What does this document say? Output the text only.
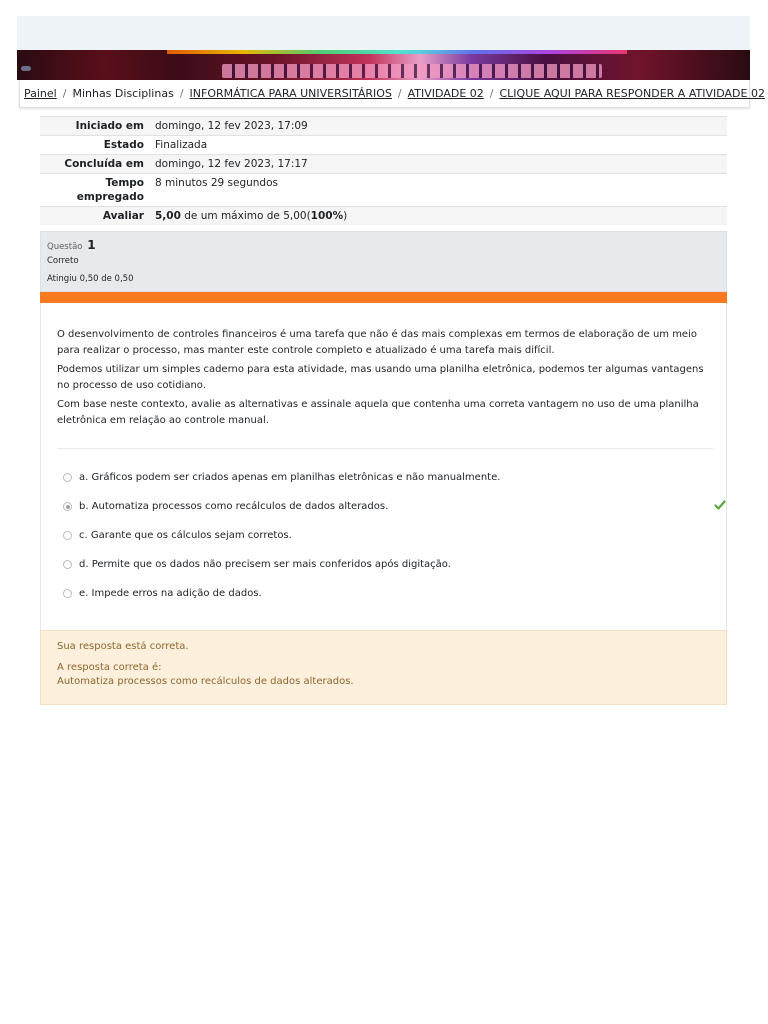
Painel / Minhas Disciplinas / INFORMÁTICA PARA UNIVERSITÁRIOS / ATIVIDADE 02 / CLIQUE AQUI PARA RESPONDER A ATIVIDADE 02
Iniciado em	domingo, 12 fev 2023, 17:09
Estado	Finalizada
Concluída em	domingo, 12 fev 2023, 17:17
Tempo empregado	8 minutos 29 segundos
Avaliar	5,00 de um máximo de 5,00(100%)
Questão 1
Correto
Atingiu 0,50 de 0,50

O desenvolvimento de controles financeiros é uma tarefa que não é das mais complexas em termos de elaboração de um meio para realizar o processo, mas manter este controle completo e atualizado é uma tarefa mais difícil.

Podemos utilizar um simples caderno para esta atividade, mas usando uma planilha eletrônica, podemos ter algumas vantagens no processo de uso cotidiano.

Com base neste contexto, avalie as alternativas e assinale aquela que contenha uma correta vantagem no uso de uma planilha eletrônica em relação ao controle manual.

a. Gráficos podem ser criados apenas em planilhas eletrônicas e não manualmente.
b. Automatiza processos como recálculos de dados alterados.
c. Garante que os cálculos sejam corretos.
d. Permite que os dados não precisem ser mais conferidos após digitação.
e. Impede erros na adição de dados.
Sua resposta está correta.
A resposta correta é:
Automatiza processos como recálculos de dados alterados.
